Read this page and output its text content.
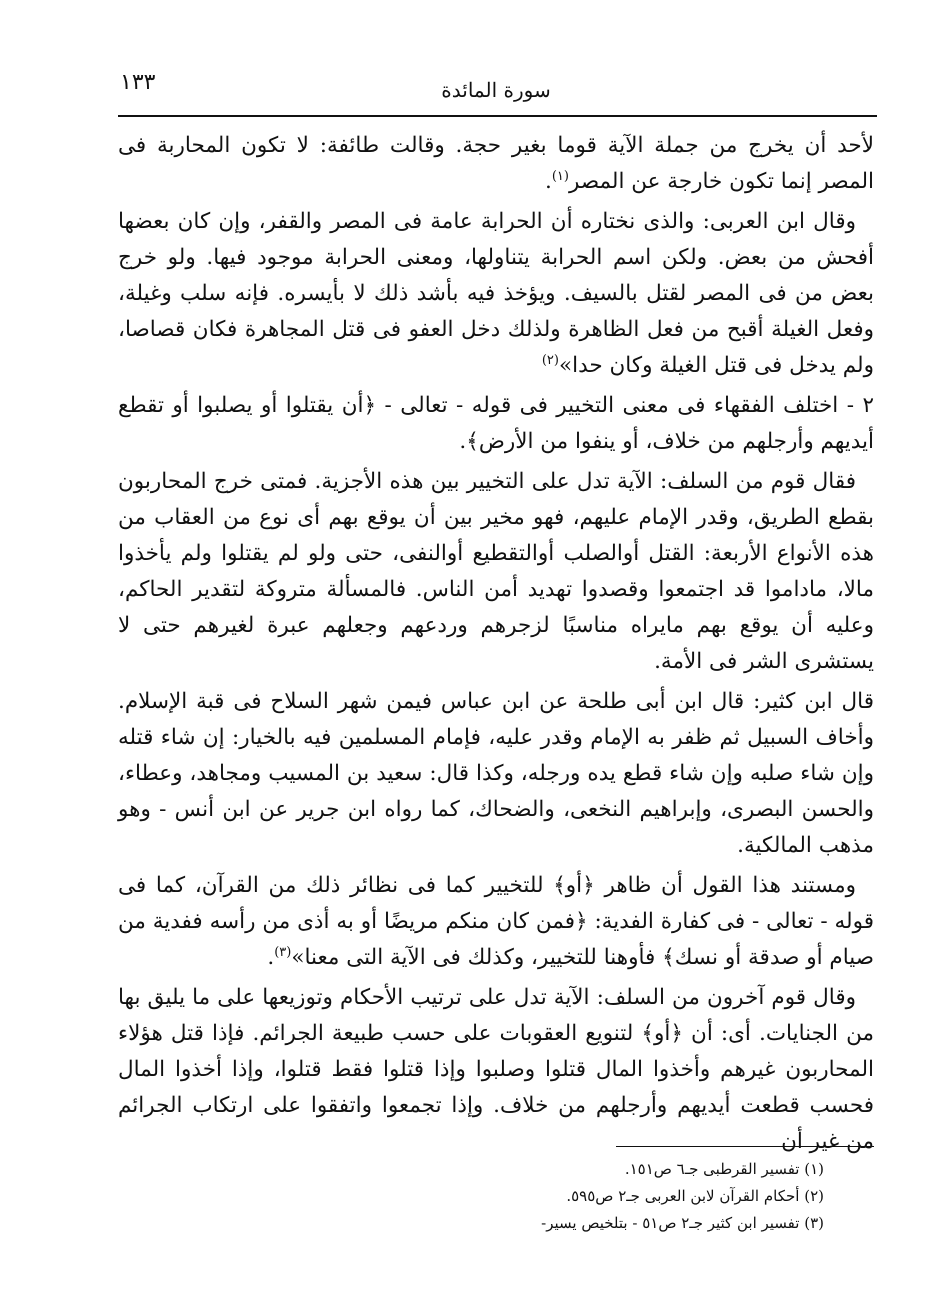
١٣٣	سورة المائدة

لأحد أن يخرج من جملة الآية قوما بغير حجة. وقالت طائفة: لا تكون المحاربة فى المصر إنما تكون خارجة عن المصر$^{(١)}$.

وقال ابن العربى: والذى نختاره أن الحرابة عامة فى المصر والقفر، وإن كان بعضها أفحش من بعض. ولكن اسم الحرابة يتناولها، ومعنى الحرابة موجود فيها. ولو خرج بعض من فى المصر لقتل بالسيف. ويؤخذ فيه بأشد ذلك لا بأيسره. فإنه سلب وغيلة، وفعل الغيلة أقبح من فعل الظاهرة ولذلك دخل العفو فى قتل المجاهرة فكان قصاصا، ولم يدخل فى قتل الغيلة وكان حدا»$^{(٢)}$

٢ - اختلف الفقهاء فى معنى التخيير فى قوله - تعالى - ﴿أن يقتلوا أو يصلبوا أو تقطع أيديهم وأرجلهم من خلاف، أو ينفوا من الأرض﴾.

فقال قوم من السلف: الآية تدل على التخيير بين هذه الأجزية. فمتى خرج المحاربون بقطع الطريق، وقدر الإمام عليهم، فهو مخير بين أن يوقع بهم أى نوع من العقاب من هذه الأنواع الأربعة: القتل أوالصلب أوالتقطيع أوالنفى، حتى ولو لم يقتلوا ولم يأخذوا مالا، ماداموا قد اجتمعوا وقصدوا تهديد أمن الناس. فالمسألة متروكة لتقدير الحاكم، وعليه أن يوقع بهم مايراه مناسبًا لزجرهم وردعهم وجعلهم عبرة لغيرهم حتى لا يستشرى الشر فى الأمة.

قال ابن كثير: قال ابن أبى طلحة عن ابن عباس فيمن شهر السلاح فى قبة الإسلام. وأخاف السبيل ثم ظفر به الإمام وقدر عليه، فإمام المسلمين فيه بالخيار: إن شاء قتله وإن شاء صلبه وإن شاء قطع يده ورجله، وكذا قال: سعيد بن المسيب ومجاهد، وعطاء، والحسن البصرى، وإبراهيم النخعى، والضحاك، كما رواه ابن جرير عن ابن أنس - وهو مذهب المالكية.

ومستند هذا القول أن ظاهر ﴿أو﴾ للتخيير كما فى نظائر ذلك من القرآن، كما فى قوله - تعالى - فى كفارة الفدية: ﴿فمن كان منكم مريضًا أو به أذى من رأسه ففدية من صيام أو صدقة أو نسك﴾ فأوهنا للتخيير، وكذلك فى الآية التى معنا»$^{(٣)}$.

وقال قوم آخرون من السلف: الآية تدل على ترتيب الأحكام وتوزيعها على ما يليق بها من الجنايات. أى: أن ﴿أو﴾ لتنويع العقوبات على حسب طبيعة الجرائم. فإذا قتل هؤلاء المحاربون غيرهم وأخذوا المال قتلوا وصلبوا وإذا قتلوا فقط قتلوا، وإذا أخذوا المال فحسب قطعت أيديهم وأرجلهم من خلاف. وإذا تجمعوا واتفقوا على ارتكاب الجرائم من غير أن

(١) تفسير القرطبى جـ٦ ص١٥١.
(٢) أحكام القرآن لابن العربى جـ٢ ص٥٩٥.
(٣) تفسير ابن كثير جـ٢ ص٥١ - بتلخيص يسير-
